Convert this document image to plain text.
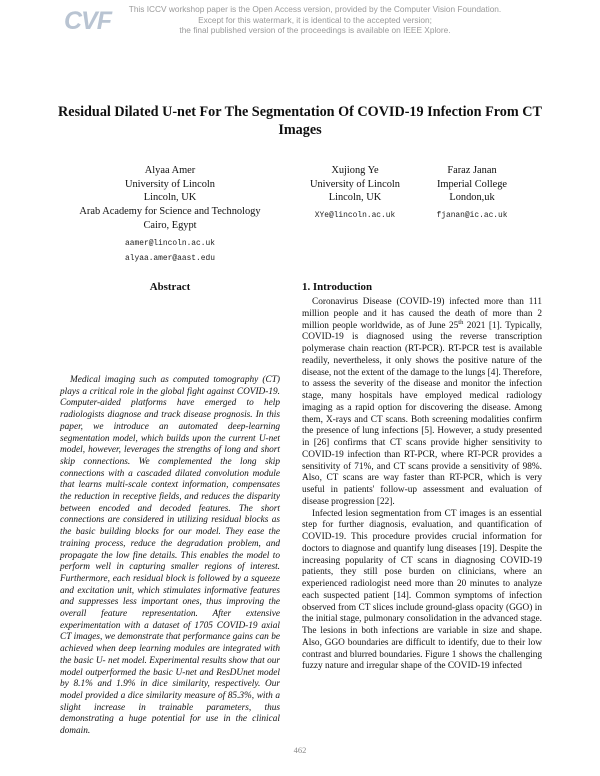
CVF	This ICCV workshop paper is the Open Access version, provided by the Computer Vision Foundation.
Except for this watermark, it is identical to the accepted version;
the final published version of the proceedings is available on IEEE Xplore.
Residual Dilated U-net For The Segmentation Of COVID-19 Infection From CT Images
Alyaa Amer
University of Lincoln
Lincoln, UK
Arab Academy for Science and Technology
Cairo, Egypt
aamer@lincoln.ac.uk
alyaa.amer@aast.edu
Xujiong Ye
University of Lincoln
Lincoln, UK
XYe@lincoln.ac.uk
Faraz Janan
Imperial College
London,uk
fjanan@ic.ac.uk
Abstract
Medical imaging such as computed tomography (CT) plays a critical role in the global fight against COVID-19. Computer-aided platforms have emerged to help radiologists diagnose and track disease prognosis. In this paper, we introduce an automated deep-learning segmentation model, which builds upon the current U-net model, however, leverages the strengths of long and short skip connections. We complemented the long skip connections with a cascaded dilated convolution module that learns multi-scale context information, compensates the reduction in receptive fields, and reduces the disparity between encoded and decoded features. The short connections are considered in utilizing residual blocks as the basic building blocks for our model. They ease the training process, reduce the degradation problem, and propagate the low fine details. This enables the model to perform well in capturing smaller regions of interest. Furthermore, each residual block is followed by a squeeze and excitation unit, which stimulates informative features and suppresses less important ones, thus improving the overall feature representation. After extensive experimentation with a dataset of 1705 COVID-19 axial CT images, we demonstrate that performance gains can be achieved when deep learning modules are integrated with the basic U- net model. Experimental results show that our model outperformed the basic U-net and ResDUnet model by 8.1% and 1.9% in dice similarity, respectively. Our model provided a dice similarity measure of 85.3%, with a slight increase in trainable parameters, thus demonstrating a huge potential for use in the clinical domain.
1. Introduction

Coronavirus Disease (COVID-19) infected more than 111 million people and it has caused the death of more than 2 million people worldwide, as of June 25th 2021 [1]. Typically, COVID-19 is diagnosed using the reverse transcription polymerase chain reaction (RT-PCR). RT-PCR test is available readily, nevertheless, it only shows the positive nature of the disease, not the extent of the damage to the lungs [4]. Therefore, to assess the severity of the disease and monitor the infection stage, many hospitals have employed medical radiology imaging as a rapid option for discovering the disease. Among them, X-rays and CT scans. Both screening modalities confirm the presence of lung infections [5]. However, a study presented in [26] confirms that CT scans provide higher sensitivity to COVID-19 infection than RT-PCR, where RT-PCR provides a sensitivity of 71%, and CT scans provide a sensitivity of 98%. Also, CT scans are way faster than RT-PCR, which is very useful in patients' follow-up assessment and evaluation of disease progression [22].

Infected lesion segmentation from CT images is an essential step for further diagnosis, evaluation, and quantification of COVID-19. This procedure provides crucial information for doctors to diagnose and quantify lung diseases [19]. Despite the increasing popularity of CT scans in diagnosing COVID-19 patients, they still pose burden on clinicians, where an experienced radiologist need more than 20 minutes to analyze each suspected patient [14]. Common symptoms of infection observed from CT slices include ground-glass opacity (GGO) in the initial stage, pulmonary consolidation in the advanced stage. The lesions in both infections are variable in size and shape. Also, GGO boundaries are difficult to identify, due to their low contrast and blurred boundaries. Figure 1 shows the challenging fuzzy nature and irregular shape of the COVID-19 infected

462
